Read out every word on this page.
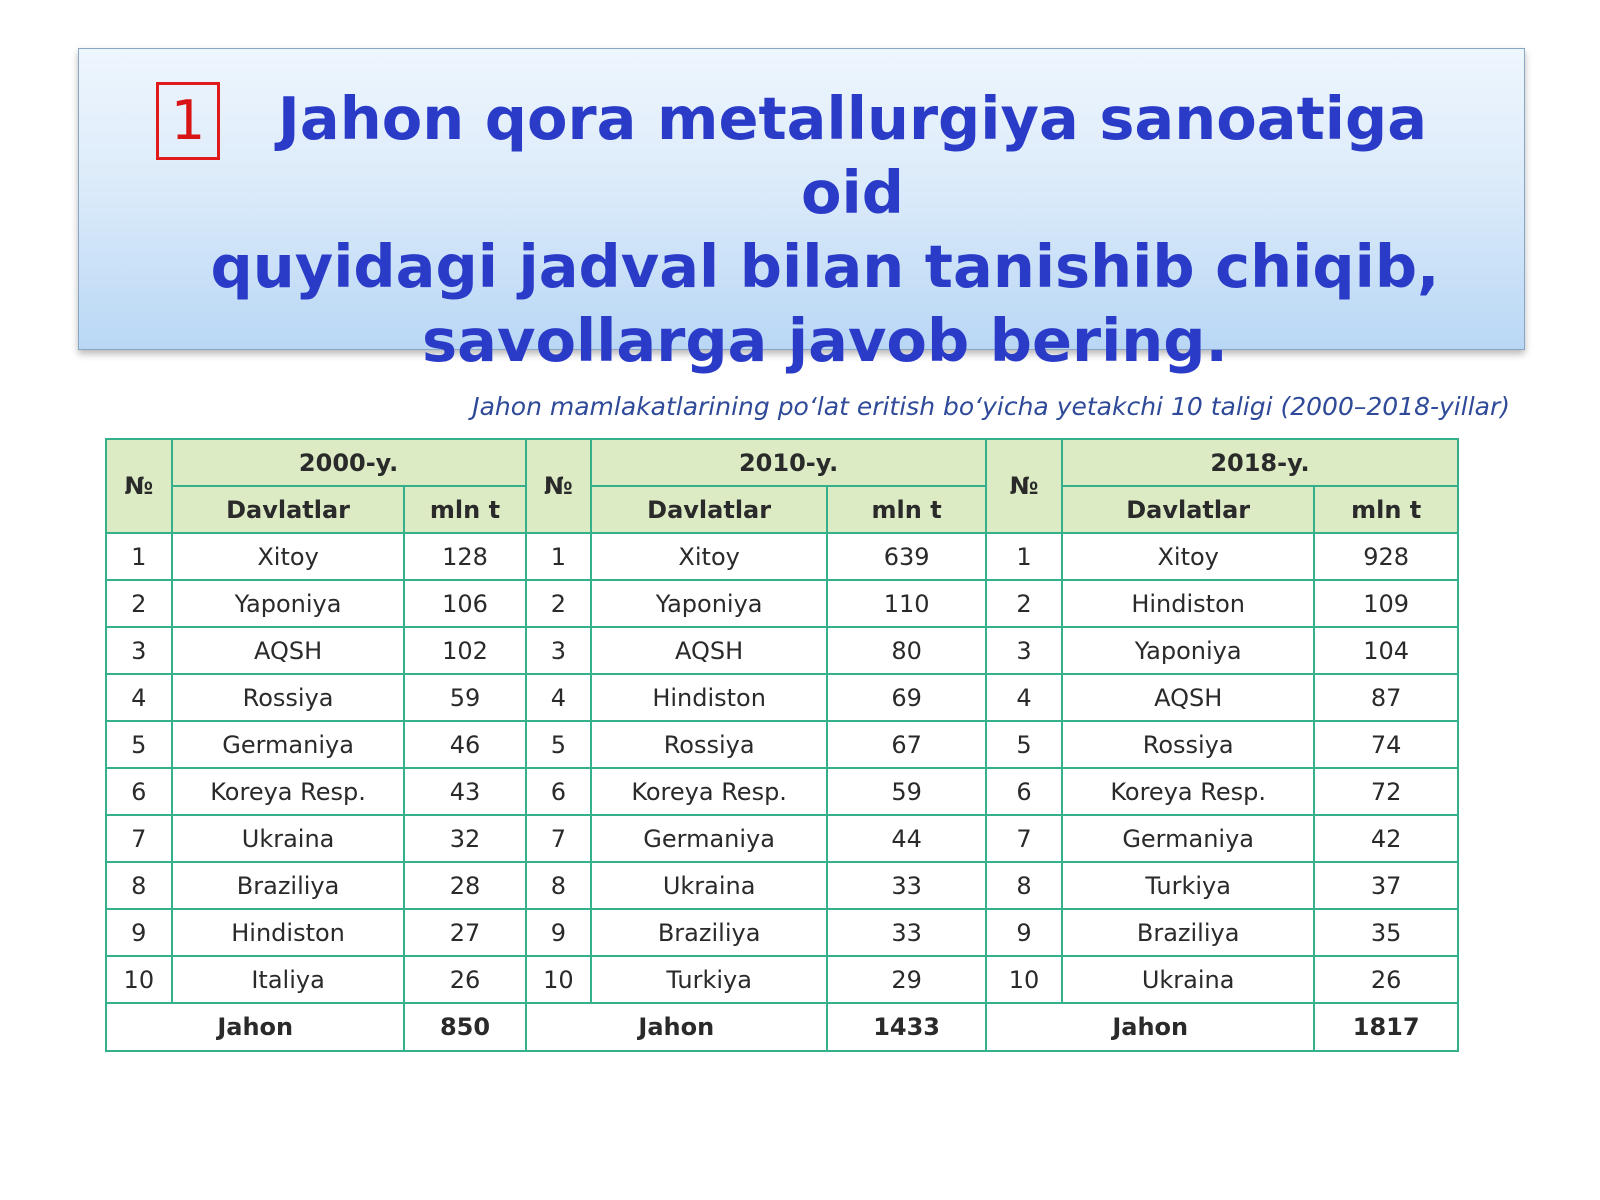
1	Jahon qora metallurgiya sanoatiga oid
quyidagi jadval bilan tanishib chiqib,
savollarga javob bering.

Jahon mamlakatlarining po‘lat eritish bo‘yicha yetakchi 10 taligi (2000–2018-yillar)

№	2000-y.		№	2010-y.		№	2018-y.	
	Davlatlar	mln t		Davlatlar	mln t		Davlatlar	mln t
1	Xitoy	128	1	Xitoy	639	1	Xitoy	928
2	Yaponiya	106	2	Yaponiya	110	2	Hindiston	109
3	AQSH	102	3	AQSH	80	3	Yaponiya	104
4	Rossiya	59	4	Hindiston	69	4	AQSH	87
5	Germaniya	46	5	Rossiya	67	5	Rossiya	74
6	Koreya Resp.	43	6	Koreya Resp.	59	6	Koreya Resp.	72
7	Ukraina	32	7	Germaniya	44	7	Germaniya	42
8	Braziliya	28	8	Ukraina	33	8	Turkiya	37
9	Hindiston	27	9	Braziliya	33	9	Braziliya	35
10	Italiya	26	10	Turkiya	29	10	Ukraina	26
Jahon		850	Jahon		1433	Jahon		1817
